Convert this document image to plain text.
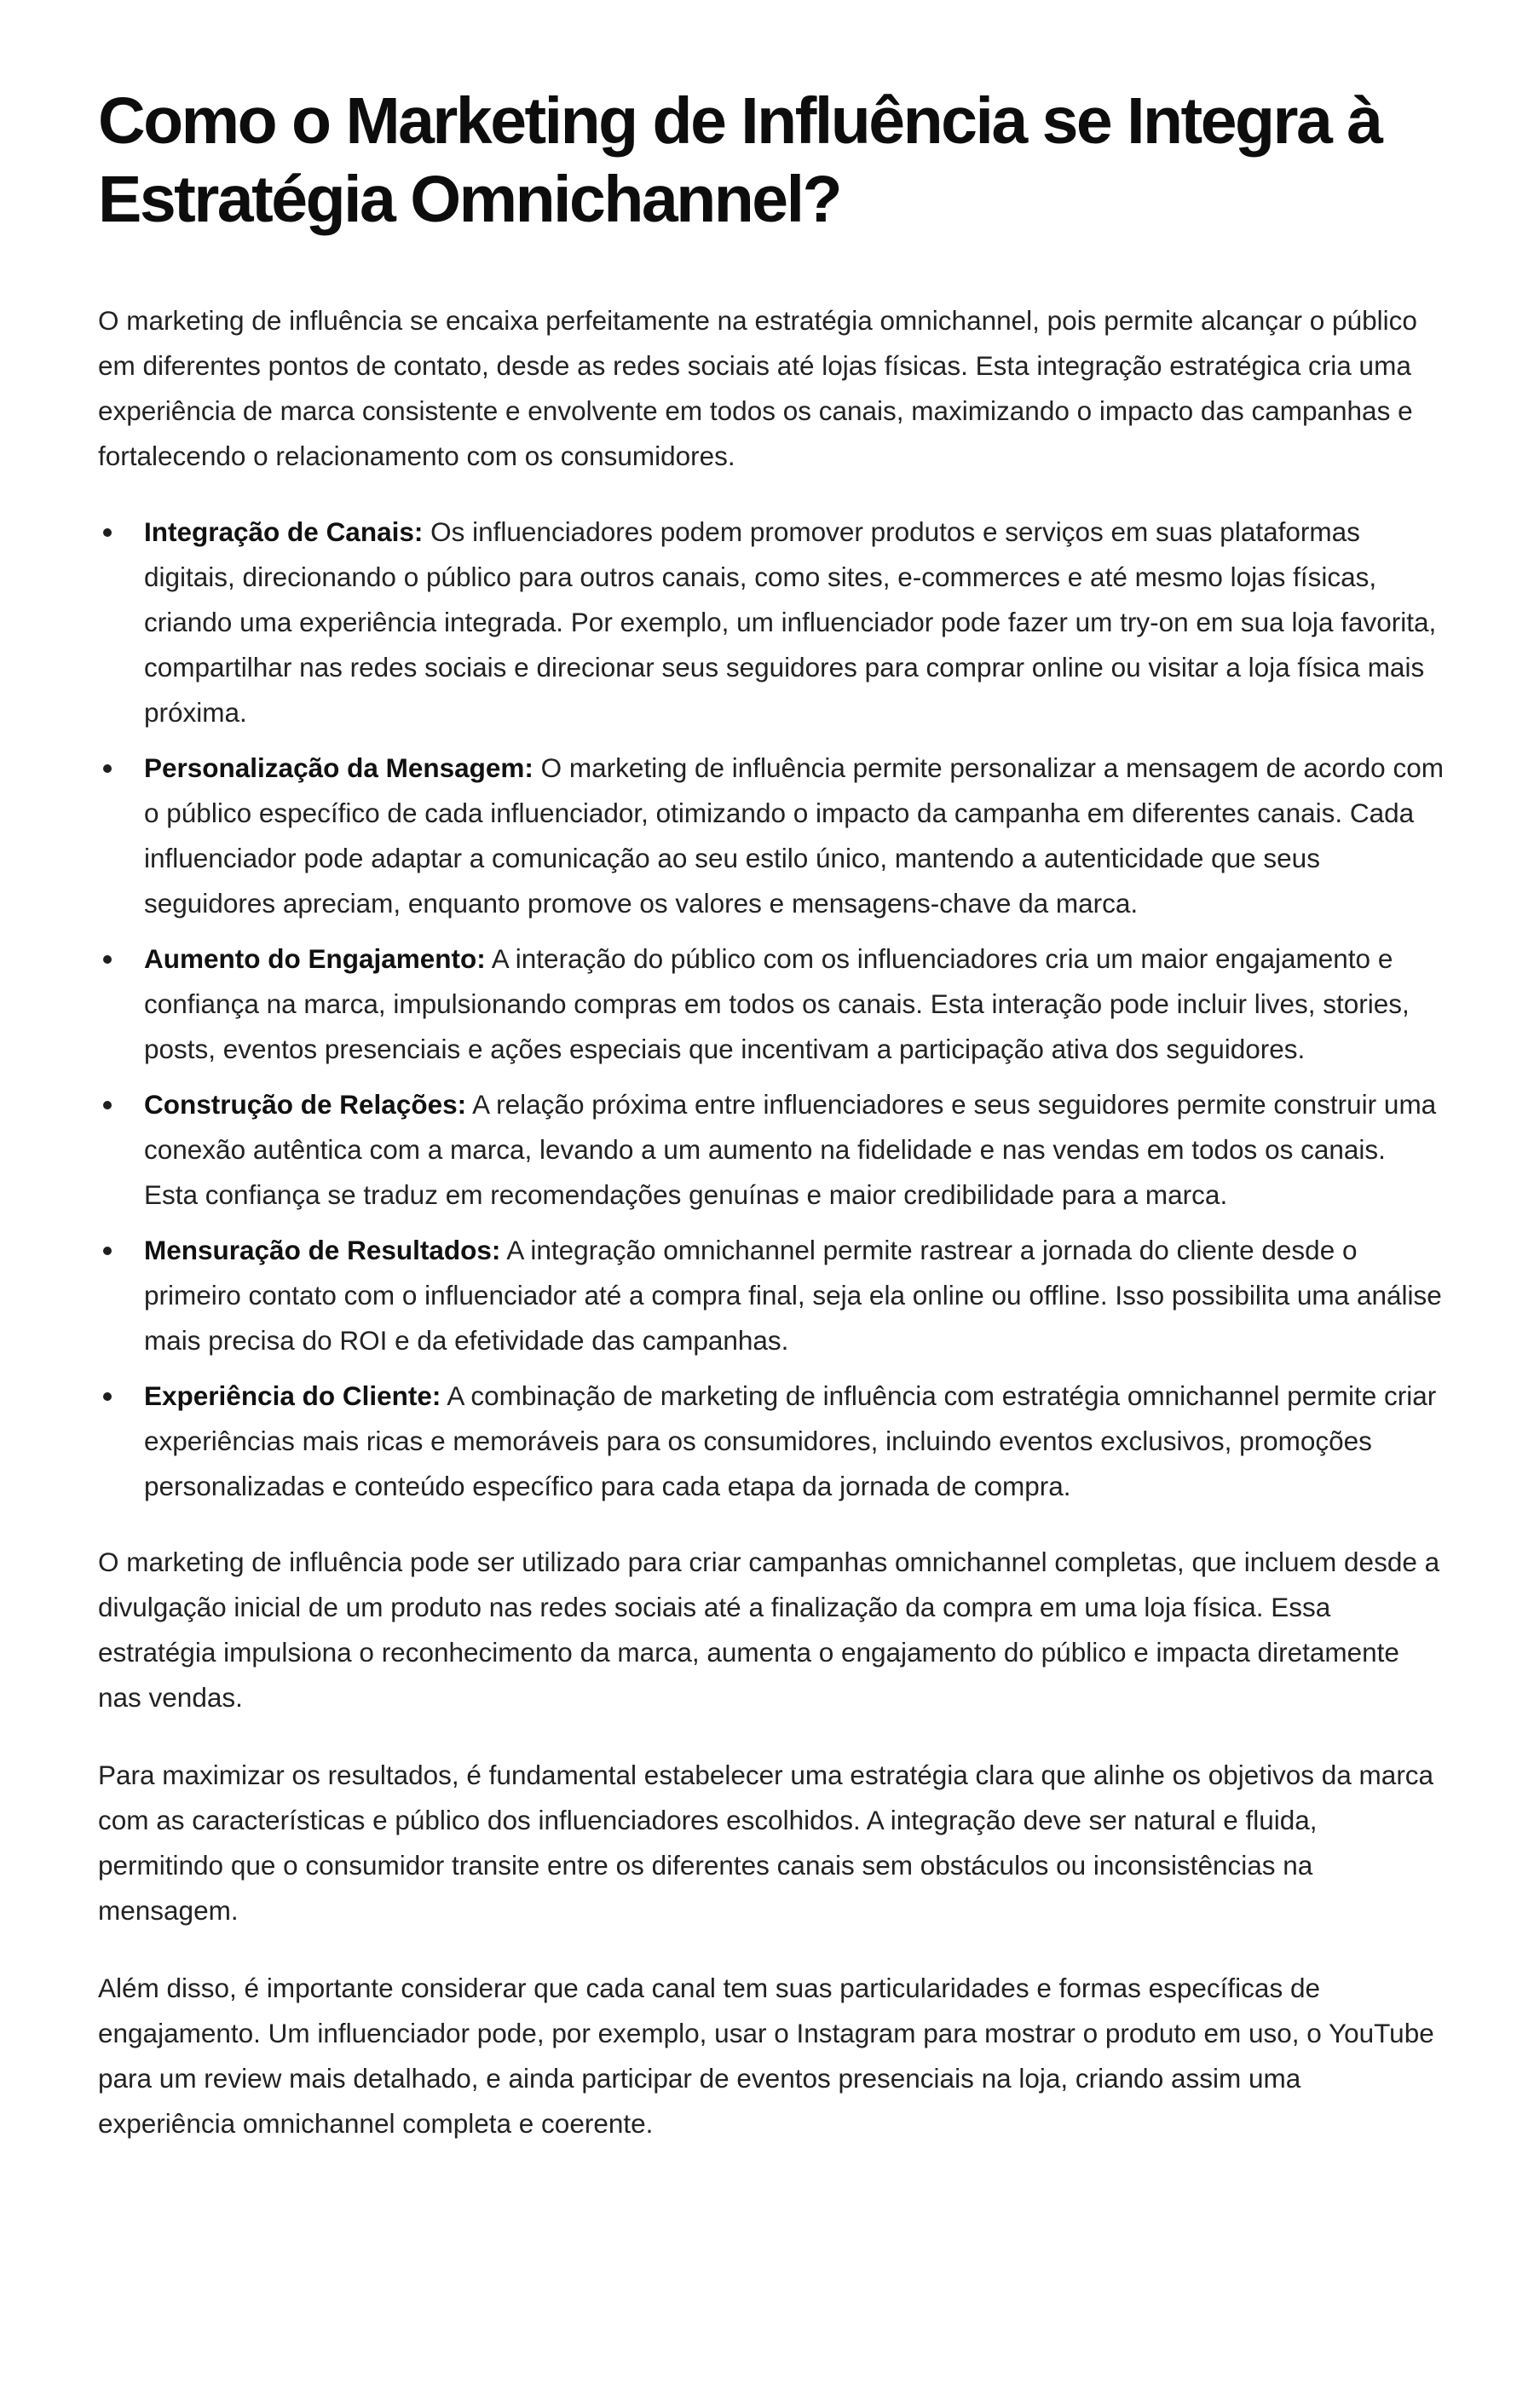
Como o Marketing de Influência se Integra à Estratégia Omnichannel?

O marketing de influência se encaixa perfeitamente na estratégia omnichannel, pois permite alcançar o público em diferentes pontos de contato, desde as redes sociais até lojas físicas. Esta integração estratégica cria uma experiência de marca consistente e envolvente em todos os canais, maximizando o impacto das campanhas e fortalecendo o relacionamento com os consumidores.

Integração de Canais: Os influenciadores podem promover produtos e serviços em suas plataformas digitais, direcionando o público para outros canais, como sites, e-commerces e até mesmo lojas físicas, criando uma experiência integrada. Por exemplo, um influenciador pode fazer um try-on em sua loja favorita, compartilhar nas redes sociais e direcionar seus seguidores para comprar online ou visitar a loja física mais próxima.
Personalização da Mensagem: O marketing de influência permite personalizar a mensagem de acordo com o público específico de cada influenciador, otimizando o impacto da campanha em diferentes canais. Cada influenciador pode adaptar a comunicação ao seu estilo único, mantendo a autenticidade que seus seguidores apreciam, enquanto promove os valores e mensagens-chave da marca.
Aumento do Engajamento: A interação do público com os influenciadores cria um maior engajamento e confiança na marca, impulsionando compras em todos os canais. Esta interação pode incluir lives, stories, posts, eventos presenciais e ações especiais que incentivam a participação ativa dos seguidores.
Construção de Relações: A relação próxima entre influenciadores e seus seguidores permite construir uma conexão autêntica com a marca, levando a um aumento na fidelidade e nas vendas em todos os canais. Esta confiança se traduz em recomendações genuínas e maior credibilidade para a marca.
Mensuração de Resultados: A integração omnichannel permite rastrear a jornada do cliente desde o primeiro contato com o influenciador até a compra final, seja ela online ou offline. Isso possibilita uma análise mais precisa do ROI e da efetividade das campanhas.
Experiência do Cliente: A combinação de marketing de influência com estratégia omnichannel permite criar experiências mais ricas e memoráveis para os consumidores, incluindo eventos exclusivos, promoções personalizadas e conteúdo específico para cada etapa da jornada de compra.

O marketing de influência pode ser utilizado para criar campanhas omnichannel completas, que incluem desde a divulgação inicial de um produto nas redes sociais até a finalização da compra em uma loja física. Essa estratégia impulsiona o reconhecimento da marca, aumenta o engajamento do público e impacta diretamente nas vendas.

Para maximizar os resultados, é fundamental estabelecer uma estratégia clara que alinhe os objetivos da marca com as características e público dos influenciadores escolhidos. A integração deve ser natural e fluida, permitindo que o consumidor transite entre os diferentes canais sem obstáculos ou inconsistências na mensagem.

Além disso, é importante considerar que cada canal tem suas particularidades e formas específicas de engajamento. Um influenciador pode, por exemplo, usar o Instagram para mostrar o produto em uso, o YouTube para um review mais detalhado, e ainda participar de eventos presenciais na loja, criando assim uma experiência omnichannel completa e coerente.
